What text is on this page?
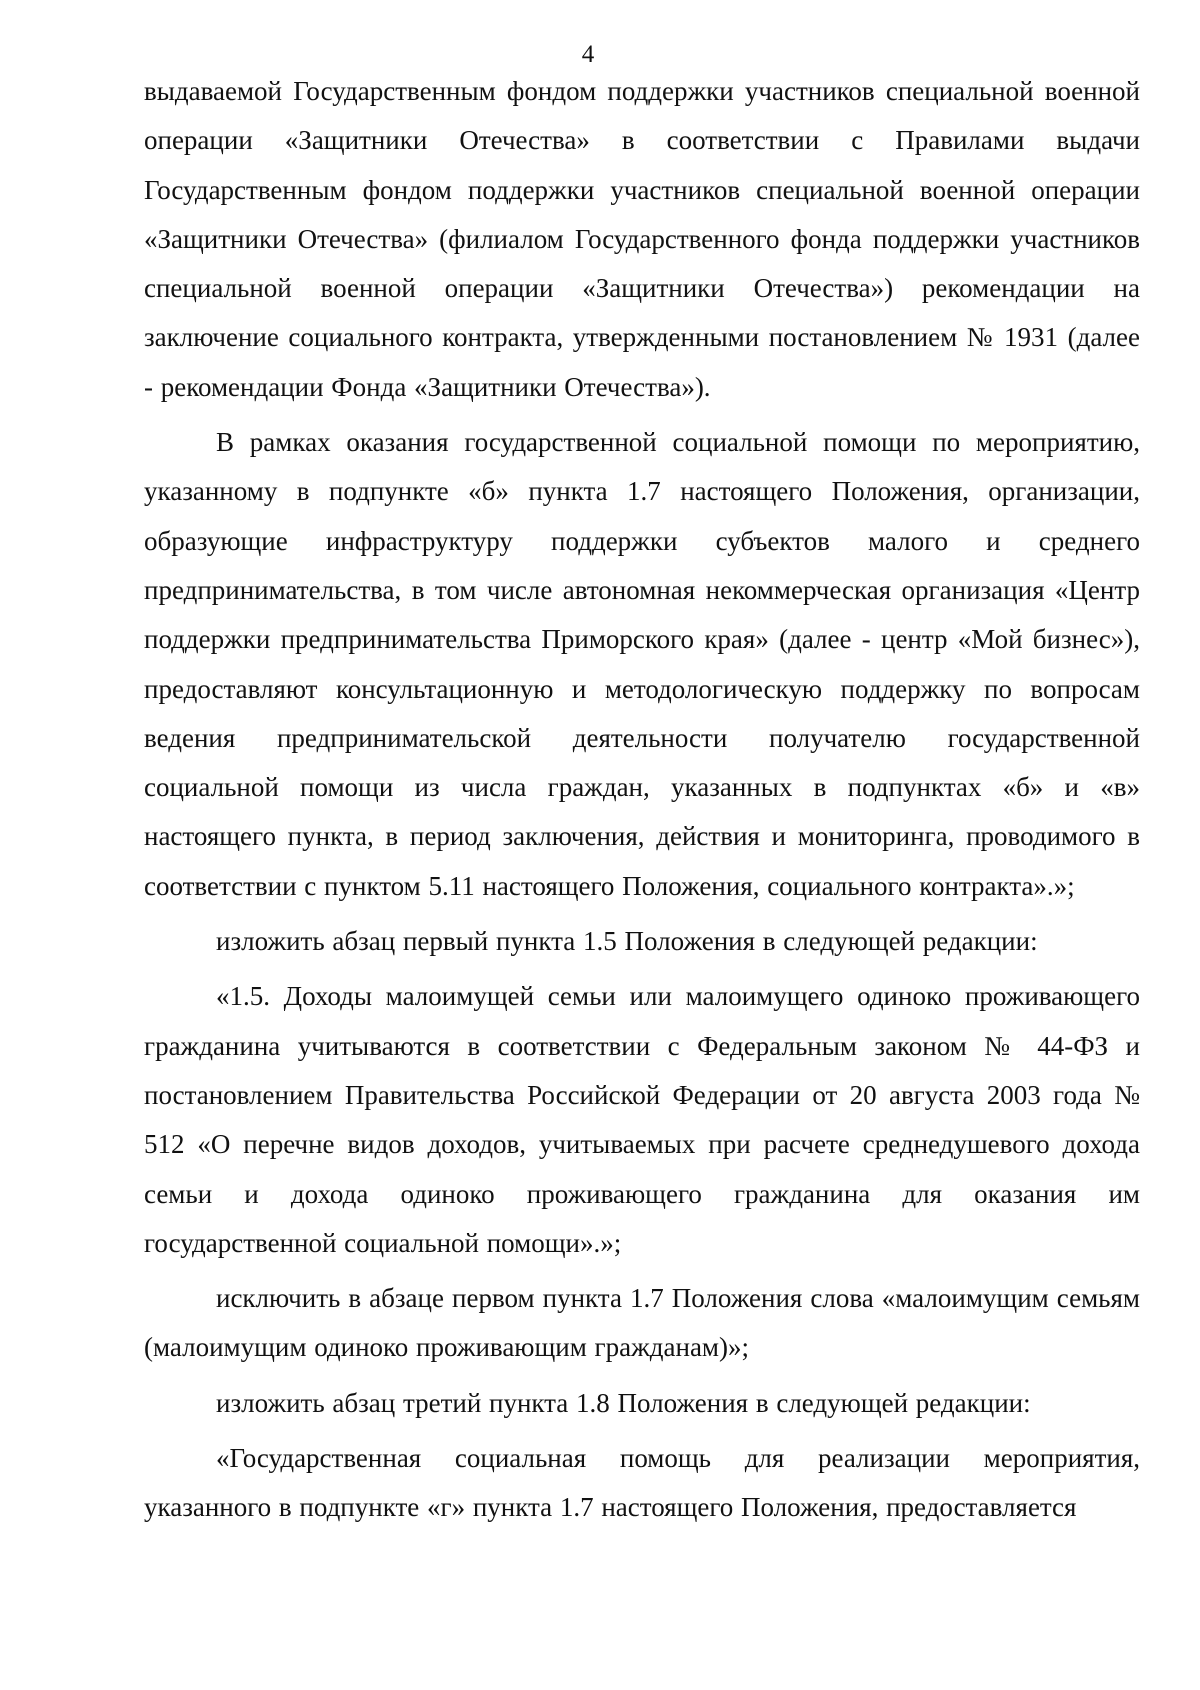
4

выдаваемой Государственным фондом поддержки участников специальной военной операции «Защитники Отечества» в соответствии с Правилами выдачи Государственным фондом поддержки участников специальной военной операции «Защитники Отечества» (филиалом Государственного фонда поддержки участников специальной военной операции «Защитники Отечества») рекомендации на заключение социального контракта, утвержденными постановлением № 1931 (далее - рекомендации Фонда «Защитники Отечества»).

В рамках оказания государственной социальной помощи по мероприятию, указанному в подпункте «б» пункта 1.7 настоящего Положения, организации, образующие инфраструктуру поддержки субъектов малого и среднего предпринимательства, в том числе автономная некоммерческая организация «Центр поддержки предпринимательства Приморского края» (далее - центр «Мой бизнес»), предоставляют консультационную и методологическую поддержку по вопросам ведения предпринимательской деятельности получателю государственной социальной помощи из числа граждан, указанных в подпунктах «б» и «в» настоящего пункта, в период заключения, действия и мониторинга, проводимого в соответствии с пунктом 5.11 настоящего Положения, социального контракта».»;

изложить абзац первый пункта 1.5 Положения в следующей редакции:

«1.5. Доходы малоимущей семьи или малоимущего одиноко проживающего гражданина учитываются в соответствии с Федеральным законом № 44-ФЗ и постановлением Правительства Российской Федерации от 20 августа 2003 года № 512 «О перечне видов доходов, учитываемых при расчете среднедушевого дохода семьи и дохода одиноко проживающего гражданина для оказания им государственной социальной помощи».»;

исключить в абзаце первом пункта 1.7 Положения слова «малоимущим семьям (малоимущим одиноко проживающим гражданам)»;

изложить абзац третий пункта 1.8 Положения в следующей редакции:

«Государственная социальная помощь для реализации мероприятия, указанного в подпункте «г» пункта 1.7 настоящего Положения, предоставляется
